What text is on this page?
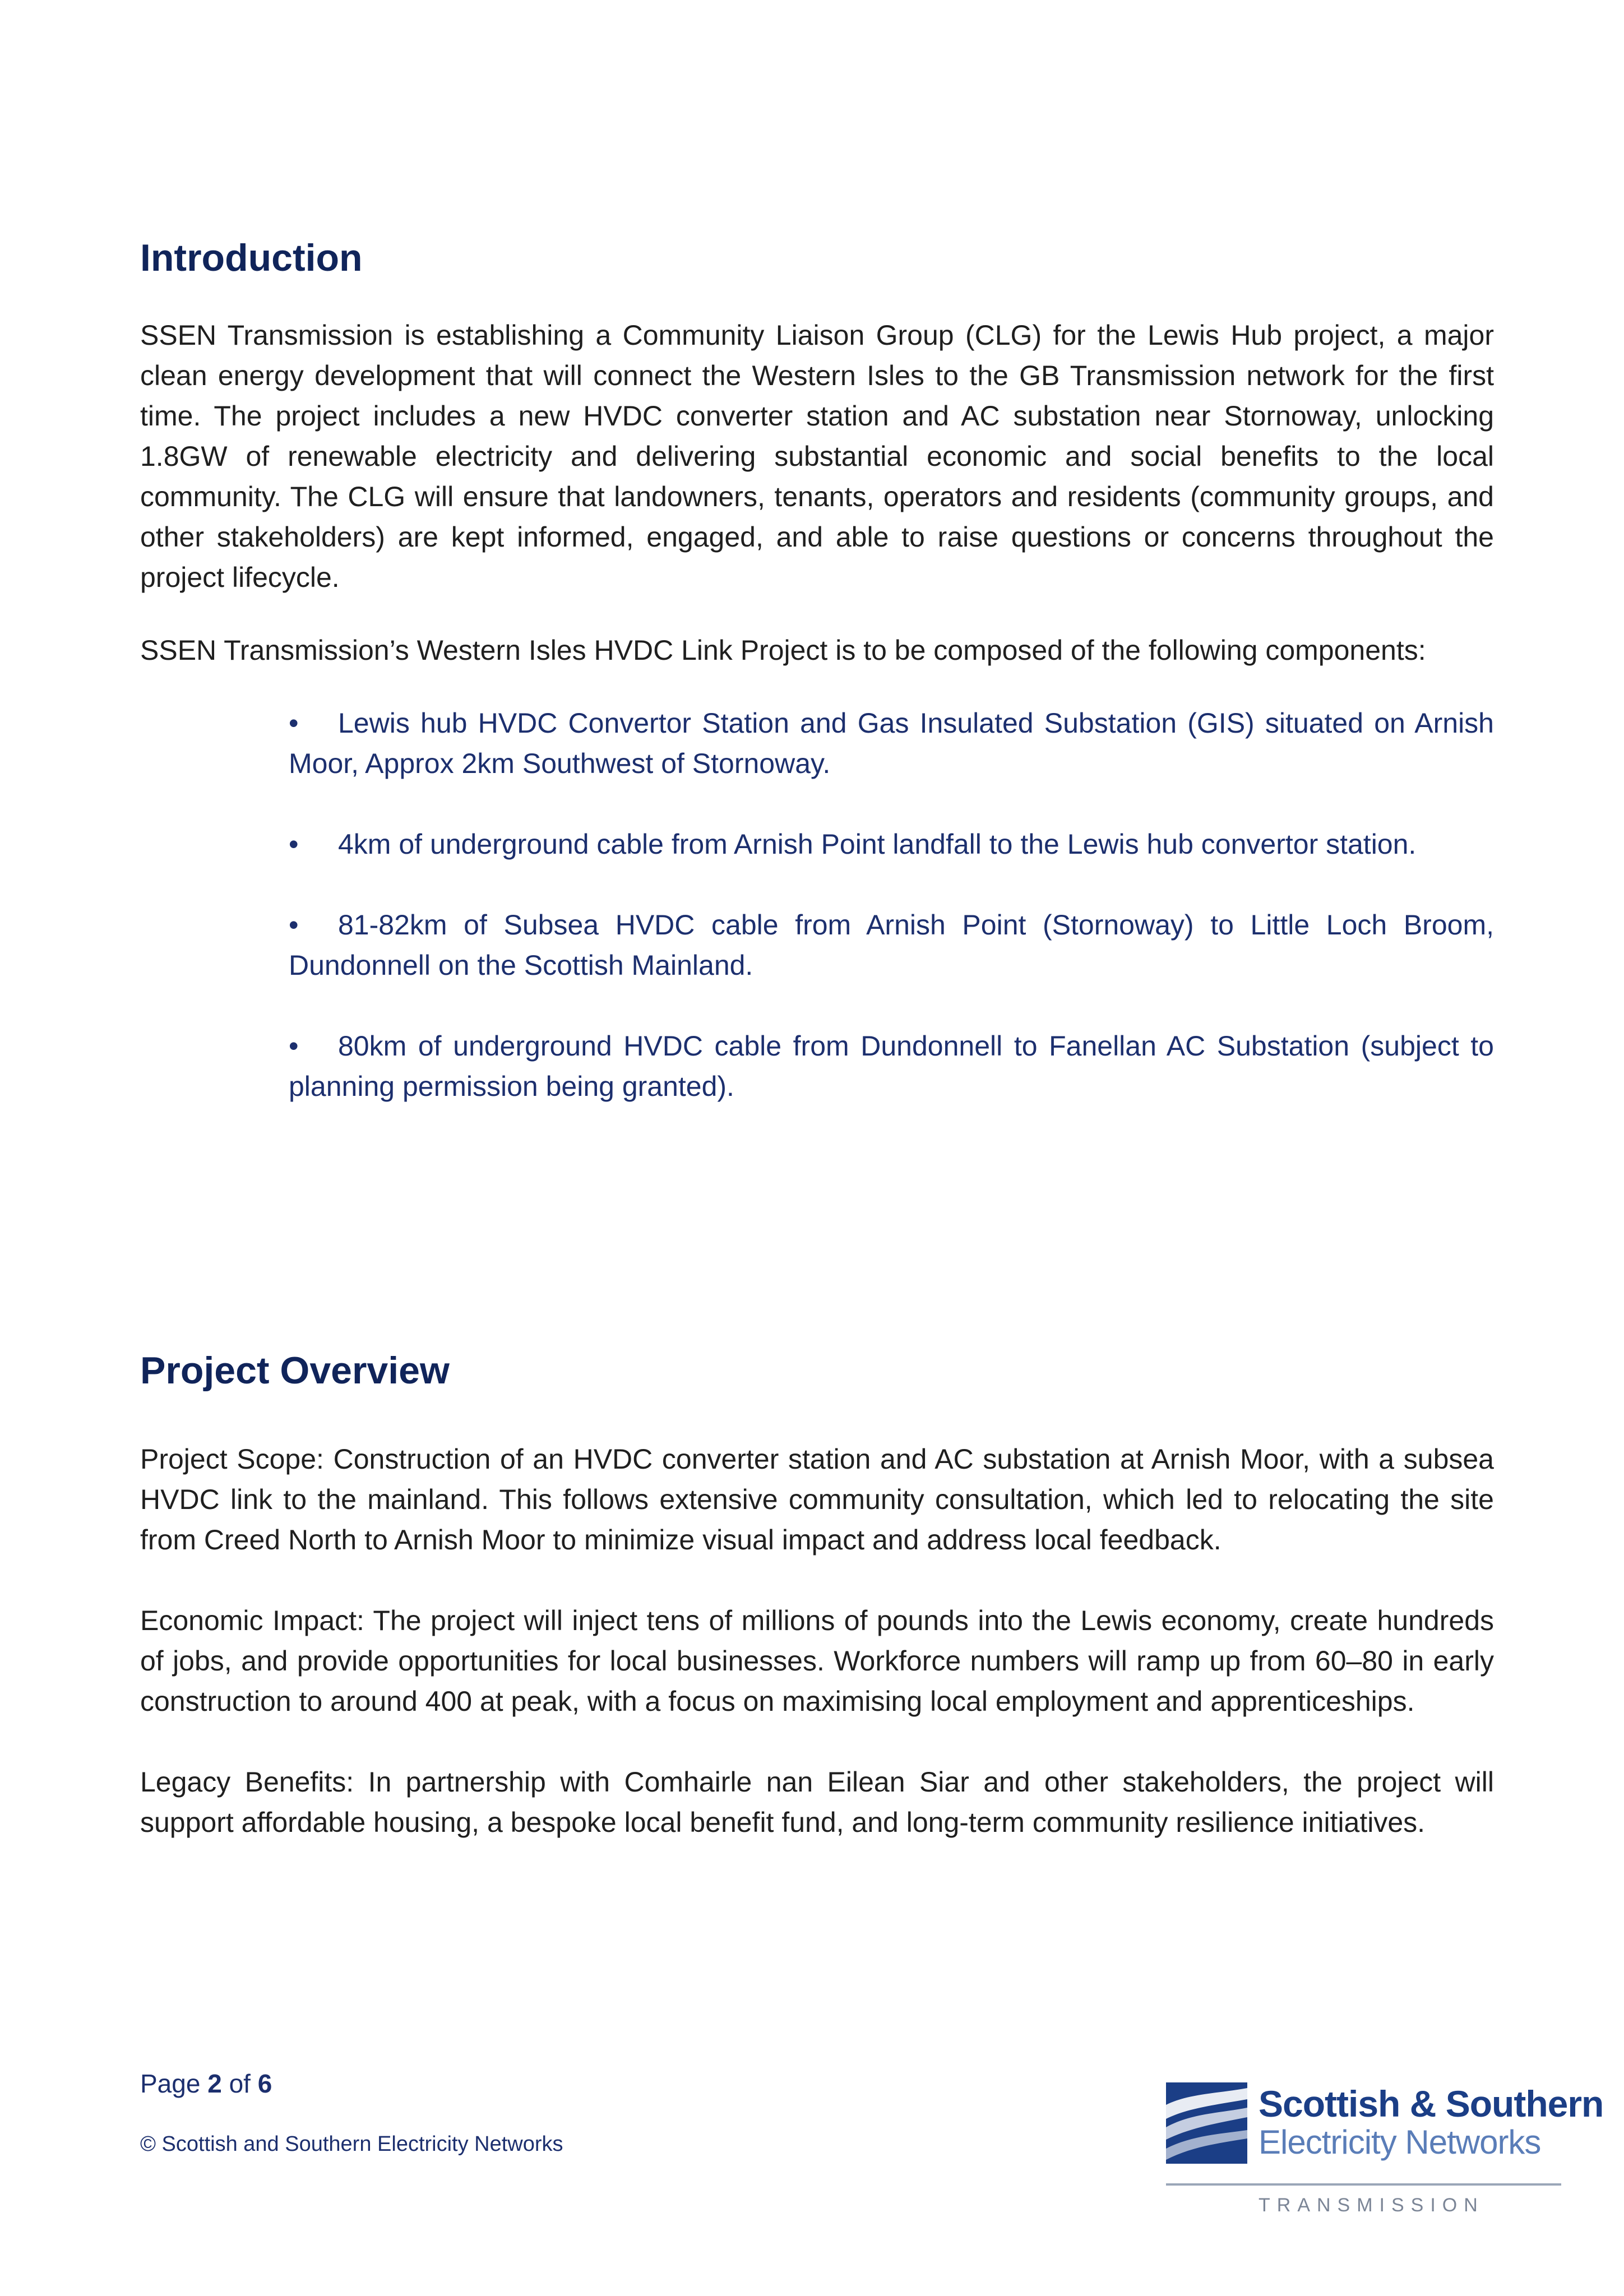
Introduction

SSEN Transmission is establishing a Community Liaison Group (CLG) for the Lewis Hub project, a major clean energy development that will connect the Western Isles to the GB Transmission network for the first time. The project includes a new HVDC converter station and AC substation near Stornoway, unlocking 1.8GW of renewable electricity and delivering substantial economic and social benefits to the local community. The CLG will ensure that landowners, tenants, operators and residents (community groups, and other stakeholders) are kept informed, engaged, and able to raise questions or concerns throughout the project lifecycle.

SSEN Transmission’s Western Isles HVDC Link Project is to be composed of the following components:

• Lewis hub HVDC Convertor Station and Gas Insulated Substation (GIS) situated on Arnish Moor, Approx 2km Southwest of Stornoway.
• 4km of underground cable from Arnish Point landfall to the Lewis hub convertor station.
• 81-82km of Subsea HVDC cable from Arnish Point (Stornoway) to Little Loch Broom, Dundonnell on the Scottish Mainland.
• 80km of underground HVDC cable from Dundonnell to Fanellan AC Substation (subject to planning permission being granted).
Project Overview

Project Scope: Construction of an HVDC converter station and AC substation at Arnish Moor, with a subsea HVDC link to the mainland. This follows extensive community consultation, which led to relocating the site from Creed North to Arnish Moor to minimize visual impact and address local feedback.

Economic Impact: The project will inject tens of millions of pounds into the Lewis economy, create hundreds of jobs, and provide opportunities for local businesses. Workforce numbers will ramp up from 60–80 in early construction to around 400 at peak, with a focus on maximising local employment and apprenticeships.

Legacy Benefits: In partnership with Comhairle nan Eilean Siar and other stakeholders, the project will support affordable housing, a bespoke local benefit fund, and long-term community resilience initiatives.

Page 2 of 6
© Scottish and Southern Electricity Networks
Scottish & Southern
Electricity Networks
TRANSMISSION
